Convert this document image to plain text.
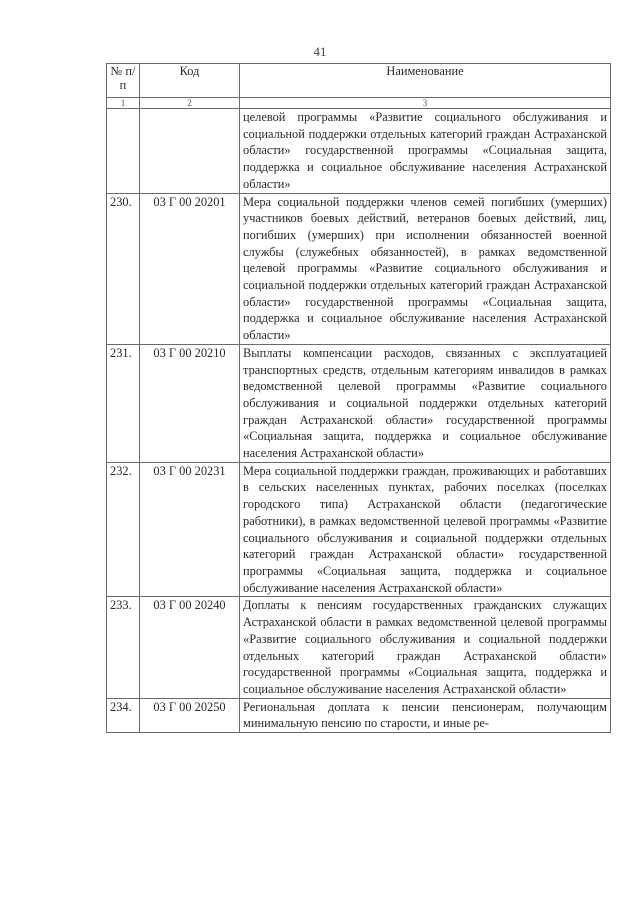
41
№ п/п	Код	Наименование
1	2	3
		целевой программы «Развитие социального обслуживания и социальной поддержки отдельных категорий граждан Астраханской области» государственной программы «Социальная защита, поддержка и социальное обслуживание населения Астраханской области»
230.	03 Г 00 20201	Мера социальной поддержки членов семей погибших (умерших) участников боевых действий, ветеранов боевых действий, лиц, погибших (умерших) при исполнении обязанностей военной службы (служебных обязанностей), в рамках ведомственной целевой программы «Развитие социального обслуживания и социальной поддержки отдельных категорий граждан Астраханской области» государственной программы «Социальная защита, поддержка и социальное обслуживание населения Астраханской области»
231.	03 Г 00 20210	Выплаты компенсации расходов, связанных с эксплуатацией транспортных средств, отдельным категориям инвалидов в рамках ведомственной целевой программы «Развитие социального обслуживания и социальной поддержки отдельных категорий граждан Астраханской области» государственной программы «Социальная защита, поддержка и социальное обслуживание населения Астраханской области»
232.	03 Г 00 20231	Мера социальной поддержки граждан, проживающих и работавших в сельских населенных пунктах, рабочих поселках (поселках городского типа) Астраханской области (педагогические работники), в рамках ведомственной целевой программы «Развитие социального обслуживания и социальной поддержки отдельных категорий граждан Астраханской области» государственной программы «Социальная защита, поддержка и социальное обслуживание населения Астраханской области»
233.	03 Г 00 20240	Доплаты к пенсиям государственных гражданских служащих Астраханской области в рамках ведомственной целевой программы «Развитие социального обслуживания и социальной поддержки отдельных категорий граждан Астраханской области» государственной программы «Социальная защита, поддержка и социальное обслуживание населения Астраханской области»
234.	03 Г 00 20250	Региональная доплата к пенсии пенсионерам, получающим минимальную пенсию по старости, и иные ре-
